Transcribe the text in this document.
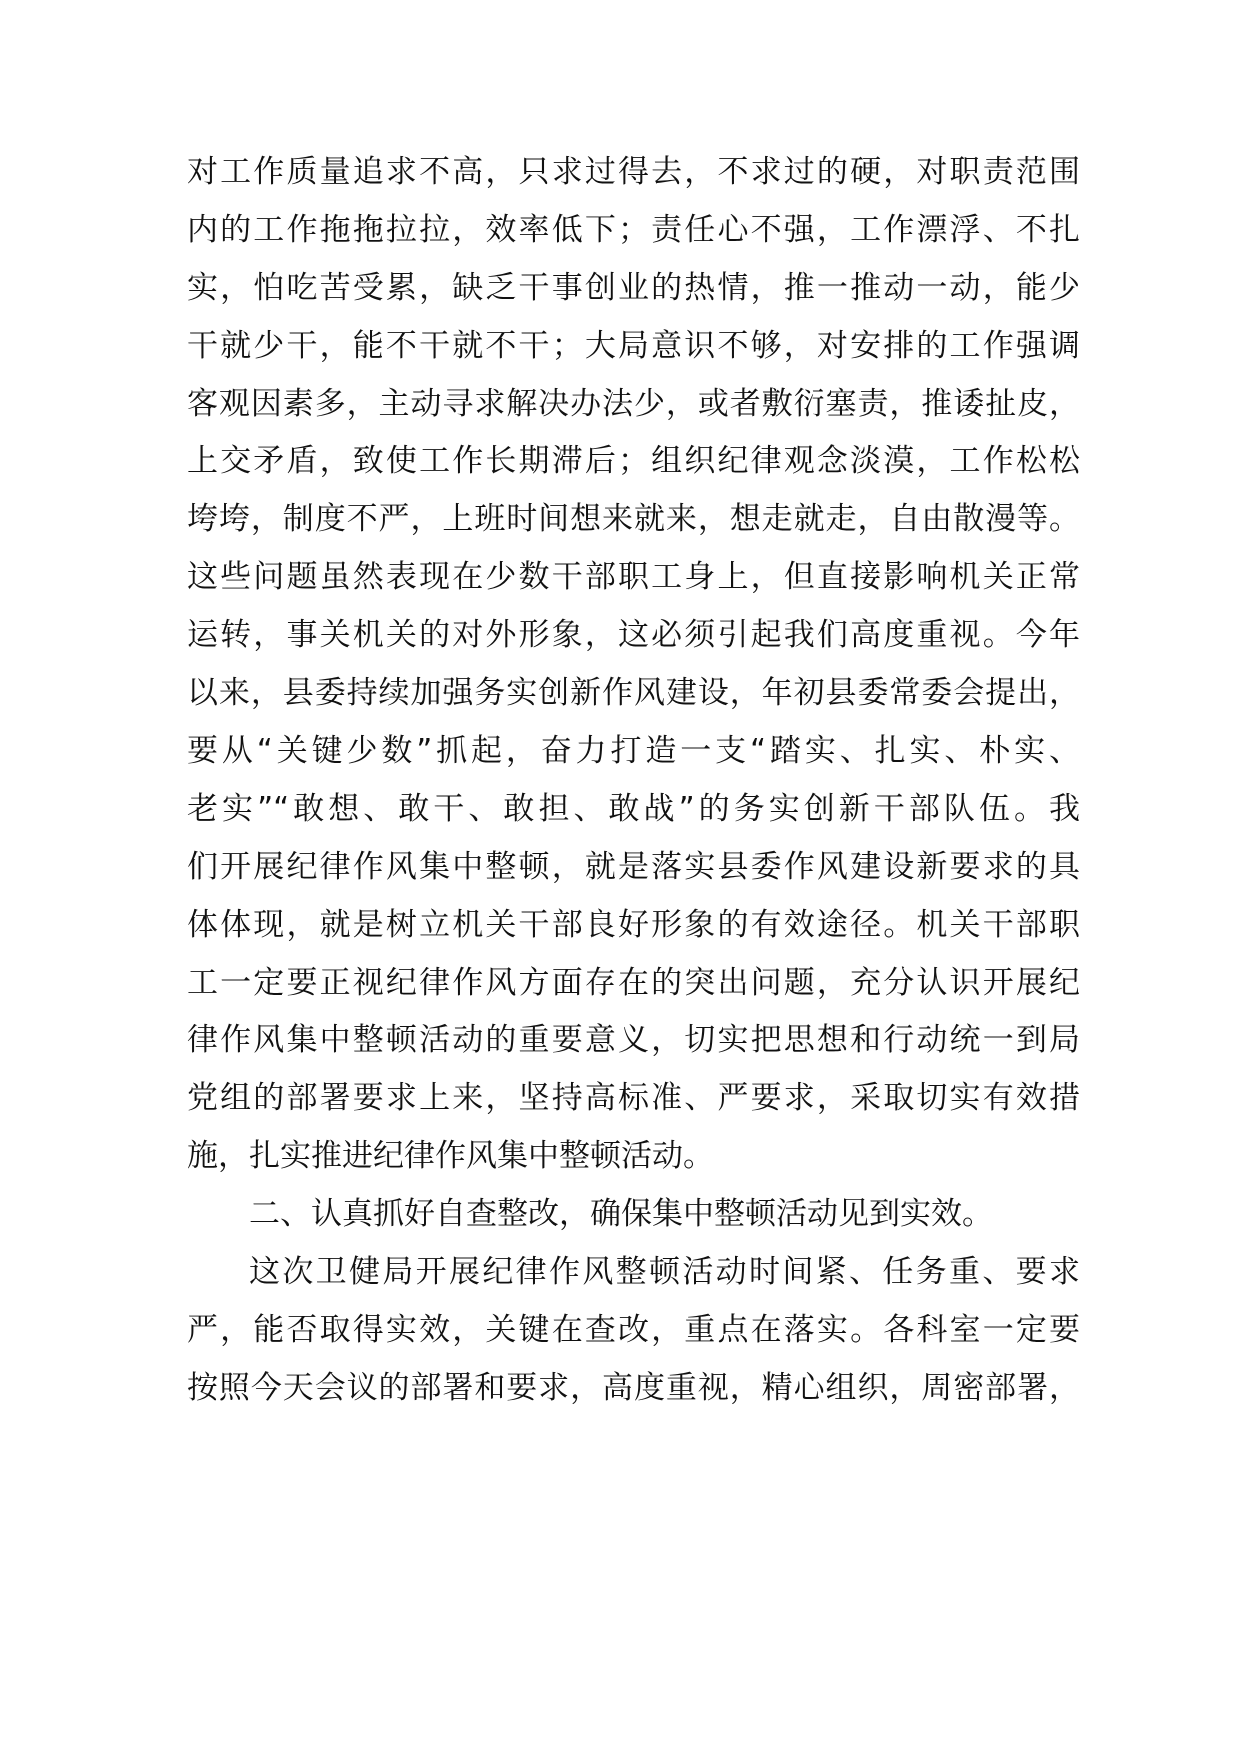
对工作质量追求不高，只求过得去，不求过的硬，对职责范围
内的工作拖拖拉拉，效率低下；责任心不强，工作漂浮、不扎
实，怕吃苦受累，缺乏干事创业的热情，推一推动一动，能少
干就少干，能不干就不干；大局意识不够，对安排的工作强调
客观因素多，主动寻求解决办法少，或者敷衍塞责，推诿扯皮，
上交矛盾，致使工作长期滞后；组织纪律观念淡漠，工作松松
垮垮，制度不严，上班时间想来就来，想走就走，自由散漫等。
这些问题虽然表现在少数干部职工身上，但直接影响机关正常
运转，事关机关的对外形象，这必须引起我们高度重视。今年
以来，县委持续加强务实创新作风建设，年初县委常委会提出，
要从“关键少数”抓起，奋力打造一支“踏实、扎实、朴实、
老实”“敢想、敢干、敢担、敢战”的务实创新干部队伍。我
们开展纪律作风集中整顿，就是落实县委作风建设新要求的具
体体现，就是树立机关干部良好形象的有效途径。机关干部职
工一定要正视纪律作风方面存在的突出问题，充分认识开展纪
律作风集中整顿活动的重要意义，切实把思想和行动统一到局
党组的部署要求上来，坚持高标准、严要求，采取切实有效措
施，扎实推进纪律作风集中整顿活动。
二、认真抓好自查整改，确保集中整顿活动见到实效。
这次卫健局开展纪律作风整顿活动时间紧、任务重、要求
严，能否取得实效，关键在查改，重点在落实。各科室一定要
按照今天会议的部署和要求，高度重视，精心组织，周密部署，
